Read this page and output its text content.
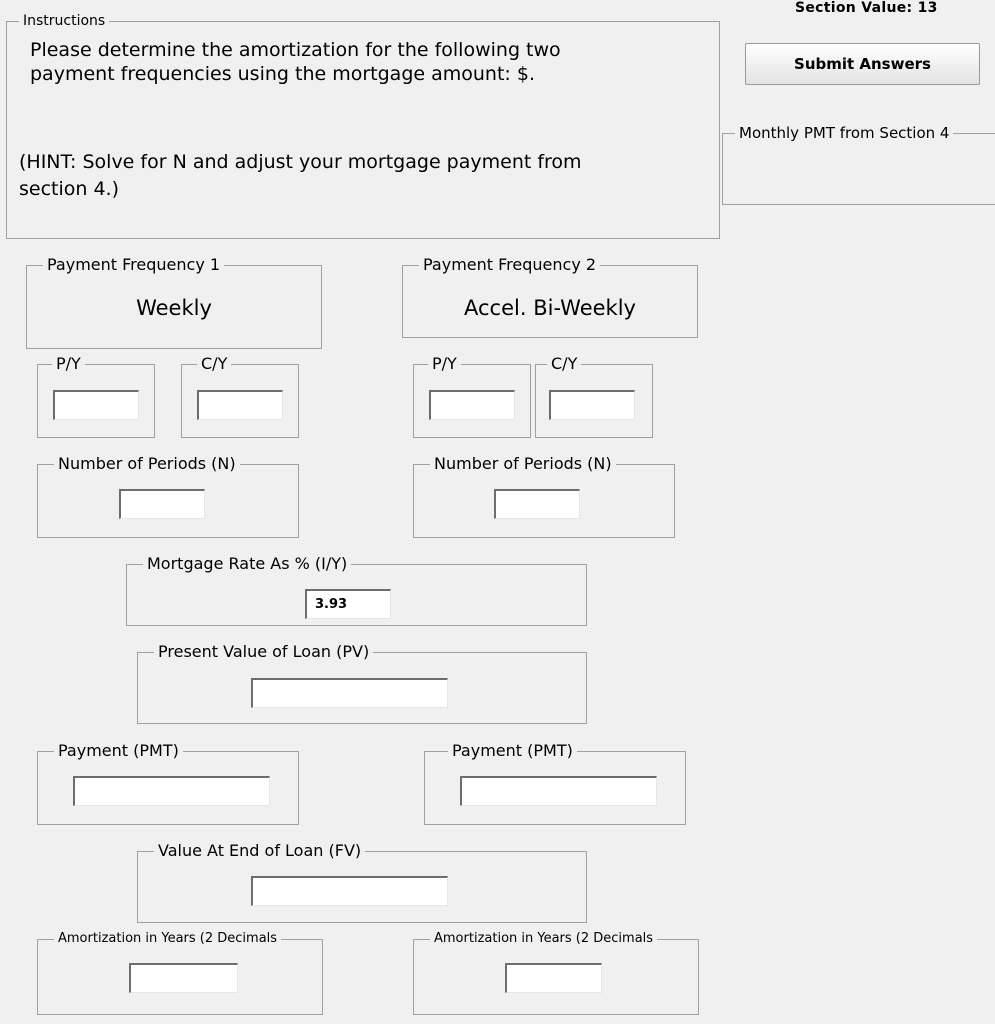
Section Value: 13
Submit Answers
Instructions
Please determine the amortization for the following two
payment frequencies using the mortgage amount: $.
(HINT: Solve for N and adjust your mortgage payment from
section 4.)
Monthly PMT from Section 4
Payment Frequency 1
Weekly
Payment Frequency 2
Accel. Bi-Weekly
P/Y	C/Y	P/Y	C/Y
Number of Periods (N)	Number of Periods (N)
Mortgage Rate As % (I/Y)
3.93
Present Value of Loan (PV)
Payment (PMT)	Payment (PMT)
Value At End of Loan (FV)
Amortization in Years (2 Decimals	Amortization in Years (2 Decimals
